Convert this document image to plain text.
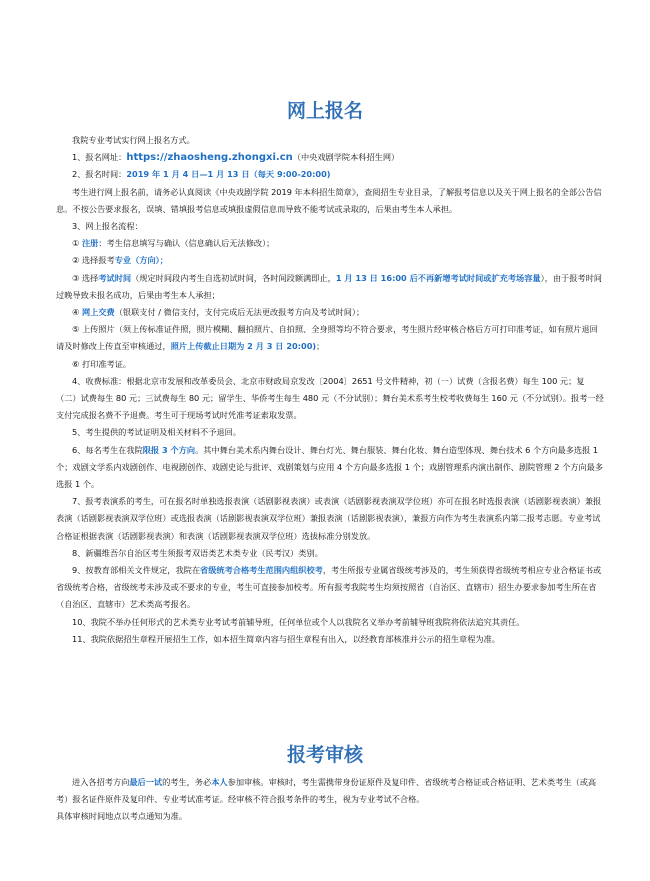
网上报名

我院专业考试实行网上报名方式。

1、报名网址：https://zhaosheng.zhongxi.cn（中央戏剧学院本科招生网）

2、报名时间：2019 年 1 月 4 日—1 月 13 日（每天 9:00-20:00)

考生进行网上报名前，请务必认真阅读《中央戏剧学院 2019 年本科招生简章》，查阅招生专业目录，了解报考信息以及关于网上报名的全部公告信息。不按公告要求报名，误填、错填报考信息或填报虚假信息而导致不能考试或录取的，后果由考生本人承担。

3、网上报名流程：

① 注册：考生信息填写与确认（信息确认后无法修改）；

② 选择报考专业（方向）；

③ 选择考试时间（规定时间段内考生自选初试时间，各时间段额满即止，1 月 13 日 16:00 后不再新增考试时间或扩充考场容量），由于报考时间过晚导致未报名成功，后果由考生本人承担；

④ 网上交费（银联支付 / 微信支付，支付完成后无法更改报考方向及考试时间）；

⑤ 上传照片（须上传标准证件照，照片模糊、翻拍照片、自拍照、全身照等均不符合要求，考生照片经审核合格后方可打印准考证，如有照片退回请及时修改上传直至审核通过，照片上传截止日期为 2 月 3 日 20:00)；

⑥ 打印准考证。

4、收费标准：根据北京市发展和改革委员会、北京市财政局京发改〔2004〕2651 号文件精神，初（一）试费（含报名费）每生 100 元；复（二）试费每生 80 元；三试费每生 80 元；留学生、华侨考生每生 480 元（不分试别）；舞台美术系考生校考收费每生 160 元（不分试别）。报考一经支付完成报名费不予退费。考生可于现场考试时凭准考证索取发票。

5、考生提供的考试证明及相关材料不予退回。

6、每名考生在我院限报 3 个方向。其中舞台美术系内舞台设计、舞台灯光、舞台服装、舞台化妆、舞台造型体现、舞台技术 6 个方向最多选报 1 个；戏剧文学系内戏剧创作、电视剧创作、戏剧史论与批评、戏剧策划与应用 4 个方向最多选报 1 个；戏剧管理系内演出制作、剧院管理 2 个方向最多选报 1 个。

7、报考表演系的考生，可在报名时单独选报表演（话剧影视表演）或表演（话剧影视表演双学位班）亦可在报名时选报表演（话剧影视表演）兼报表演（话剧影视表演双学位班）或选报表演（话剧影视表演双学位班）兼报表演（话剧影视表演），兼报方向作为考生表演系内第二报考志愿。专业考试合格证根据表演（话剧影视表演）和表演（话剧影视表演双学位班）选拔标准分别发放。

8、新疆维吾尔自治区考生须报考双语类艺术类专业（民考汉）类别。

9、按教育部相关文件规定，我院在省级统考合格考生范围内组织校考，考生所报专业属省级统考涉及的，考生须获得省级统考相应专业合格证书或省级统考合格，省级统考未涉及或不要求的专业，考生可直接参加校考。所有报考我院考生均须按照省（自治区、直辖市）招生办要求参加考生所在省（自治区、直辖市）艺术类高考报名。

10、我院不举办任何形式的艺术类专业考试考前辅导班，任何单位或个人以我院名义举办考前辅导班我院将依法追究其责任。

11、我院依据招生章程开展招生工作，如本招生简章内容与招生章程有出入，以经教育部核准并公示的招生章程为准。

报考审核

进入各招考方向最后一试的考生，务必本人参加审核。审核时，考生需携带身份证原件及复印件、省级统考合格证或合格证明、艺术类考生（或高考）报名证件原件及复印件、专业考试准考证。经审核不符合报考条件的考生，视为专业考试不合格。

具体审核时间地点以考点通知为准。
